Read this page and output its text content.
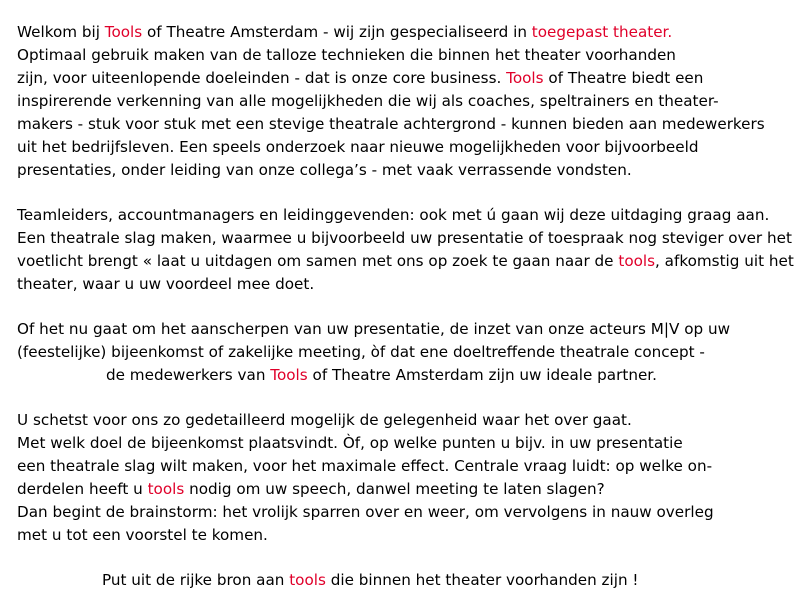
Welkom bij Tools of Theatre Amsterdam - wij zijn gespecialiseerd in toegepast theater.
Optimaal gebruik maken van de talloze technieken die binnen het theater voorhanden
zijn, voor uiteenlopende doeleinden - dat is onze core business. Tools of Theatre biedt een
inspirerende verkenning van alle mogelijkheden die wij als coaches, speltrainers en theater-
makers - stuk voor stuk met een stevige theatrale achtergrond - kunnen bieden aan medewerkers
uit het bedrijfsleven. Een speels onderzoek naar nieuwe mogelijkheden voor bijvoorbeeld
presentaties, onder leiding van onze collega’s - met vaak verrassende vondsten.
Teamleiders, accountmanagers en leidinggevenden: ook met ú gaan wij deze uitdaging graag aan.
Een theatrale slag maken, waarmee u bijvoorbeeld uw presentatie of toespraak nog steviger over het
voetlicht brengt « laat u uitdagen om samen met ons op zoek te gaan naar de tools, afkomstig uit het
theater, waar u uw voordeel mee doet.
Of het nu gaat om het aanscherpen van uw presentatie, de inzet van onze acteurs M|V op uw
(feestelijke) bijeenkomst of zakelijke meeting, òf dat ene doeltreffende theatrale concept -
de medewerkers van Tools of Theatre Amsterdam zijn uw ideale partner.
U schetst voor ons zo gedetailleerd mogelijk de gelegenheid waar het over gaat.
Met welk doel de bijeenkomst plaatsvindt. Òf, op welke punten u bijv. in uw presentatie
een theatrale slag wilt maken, voor het maximale effect. Centrale vraag luidt: op welke on-
derdelen heeft u tools nodig om uw speech, danwel meeting te laten slagen?
Dan begint de brainstorm: het vrolijk sparren over en weer, om vervolgens in nauw overleg
met u tot een voorstel te komen.
Put uit de rijke bron aan tools die binnen het theater voorhanden zijn !
